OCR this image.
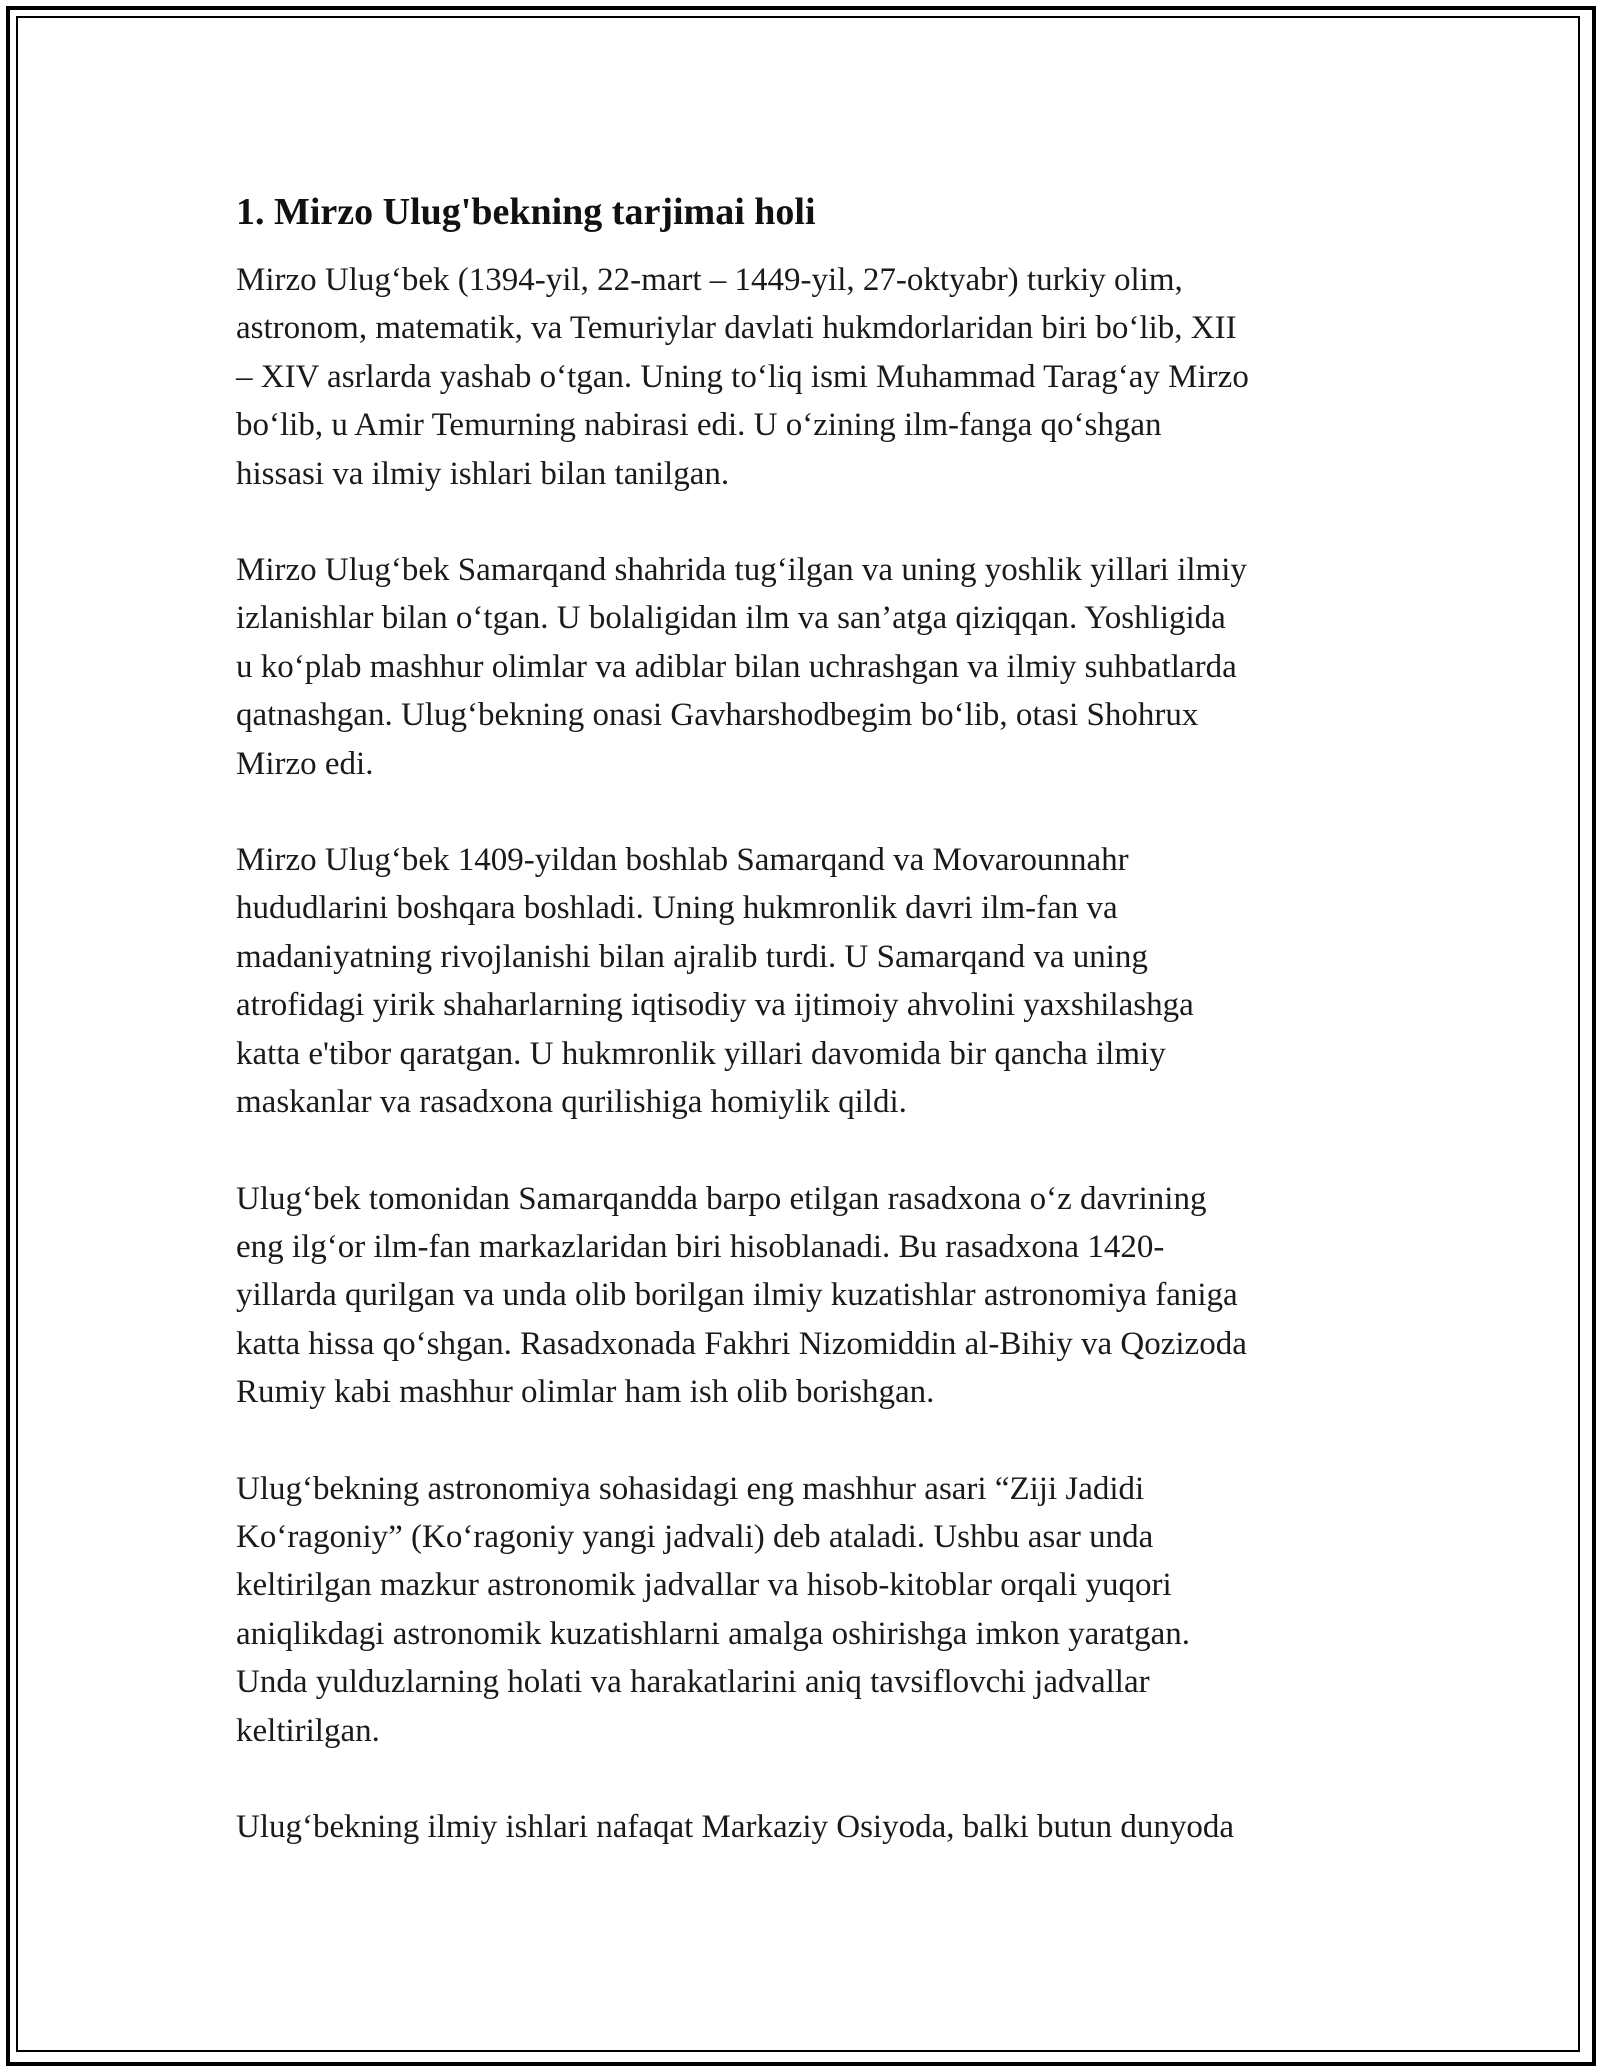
1. Mirzo Ulug'bekning tarjimai holi
Mirzo Ulug‘bek (1394-yil, 22-mart – 1449-yil, 27-oktyabr) turkiy olim,
astronom, matematik, va Temuriylar davlati hukmdorlaridan biri bo‘lib, XII
– XIV asrlarda yashab o‘tgan. Uning to‘liq ismi Muhammad Tarag‘ay Mirzo
bo‘lib, u Amir Temurning nabirasi edi. U o‘zining ilm-fanga qo‘shgan
hissasi va ilmiy ishlari bilan tanilgan.
Mirzo Ulug‘bek Samarqand shahrida tug‘ilgan va uning yoshlik yillari ilmiy
izlanishlar bilan o‘tgan. U bolaligidan ilm va san’atga qiziqqan. Yoshligida
u ko‘plab mashhur olimlar va adiblar bilan uchrashgan va ilmiy suhbatlarda
qatnashgan. Ulug‘bekning onasi Gavharshodbegim bo‘lib, otasi Shohrux
Mirzo edi.
Mirzo Ulug‘bek 1409-yildan boshlab Samarqand va Movarounnahr
hududlarini boshqara boshladi. Uning hukmronlik davri ilm-fan va
madaniyatning rivojlanishi bilan ajralib turdi. U Samarqand va uning
atrofidagi yirik shaharlarning iqtisodiy va ijtimoiy ahvolini yaxshilashga
katta e'tibor qaratgan. U hukmronlik yillari davomida bir qancha ilmiy
maskanlar va rasadxona qurilishiga homiylik qildi.
Ulug‘bek tomonidan Samarqandda barpo etilgan rasadxona o‘z davrining
eng ilg‘or ilm-fan markazlaridan biri hisoblanadi. Bu rasadxona 1420-
yillarda qurilgan va unda olib borilgan ilmiy kuzatishlar astronomiya faniga
katta hissa qo‘shgan. Rasadxonada Fakhri Nizomiddin al-Bihiy va Qozizoda
Rumiy kabi mashhur olimlar ham ish olib borishgan.
Ulug‘bekning astronomiya sohasidagi eng mashhur asari “Ziji Jadidi
Ko‘ragoniy” (Ko‘ragoniy yangi jadvali) deb ataladi. Ushbu asar unda
keltirilgan mazkur astronomik jadvallar va hisob-kitoblar orqali yuqori
aniqlikdagi astronomik kuzatishlarni amalga oshirishga imkon yaratgan.
Unda yulduzlarning holati va harakatlarini aniq tavsiflovchi jadvallar
keltirilgan.
Ulug‘bekning ilmiy ishlari nafaqat Markaziy Osiyoda, balki butun dunyoda
